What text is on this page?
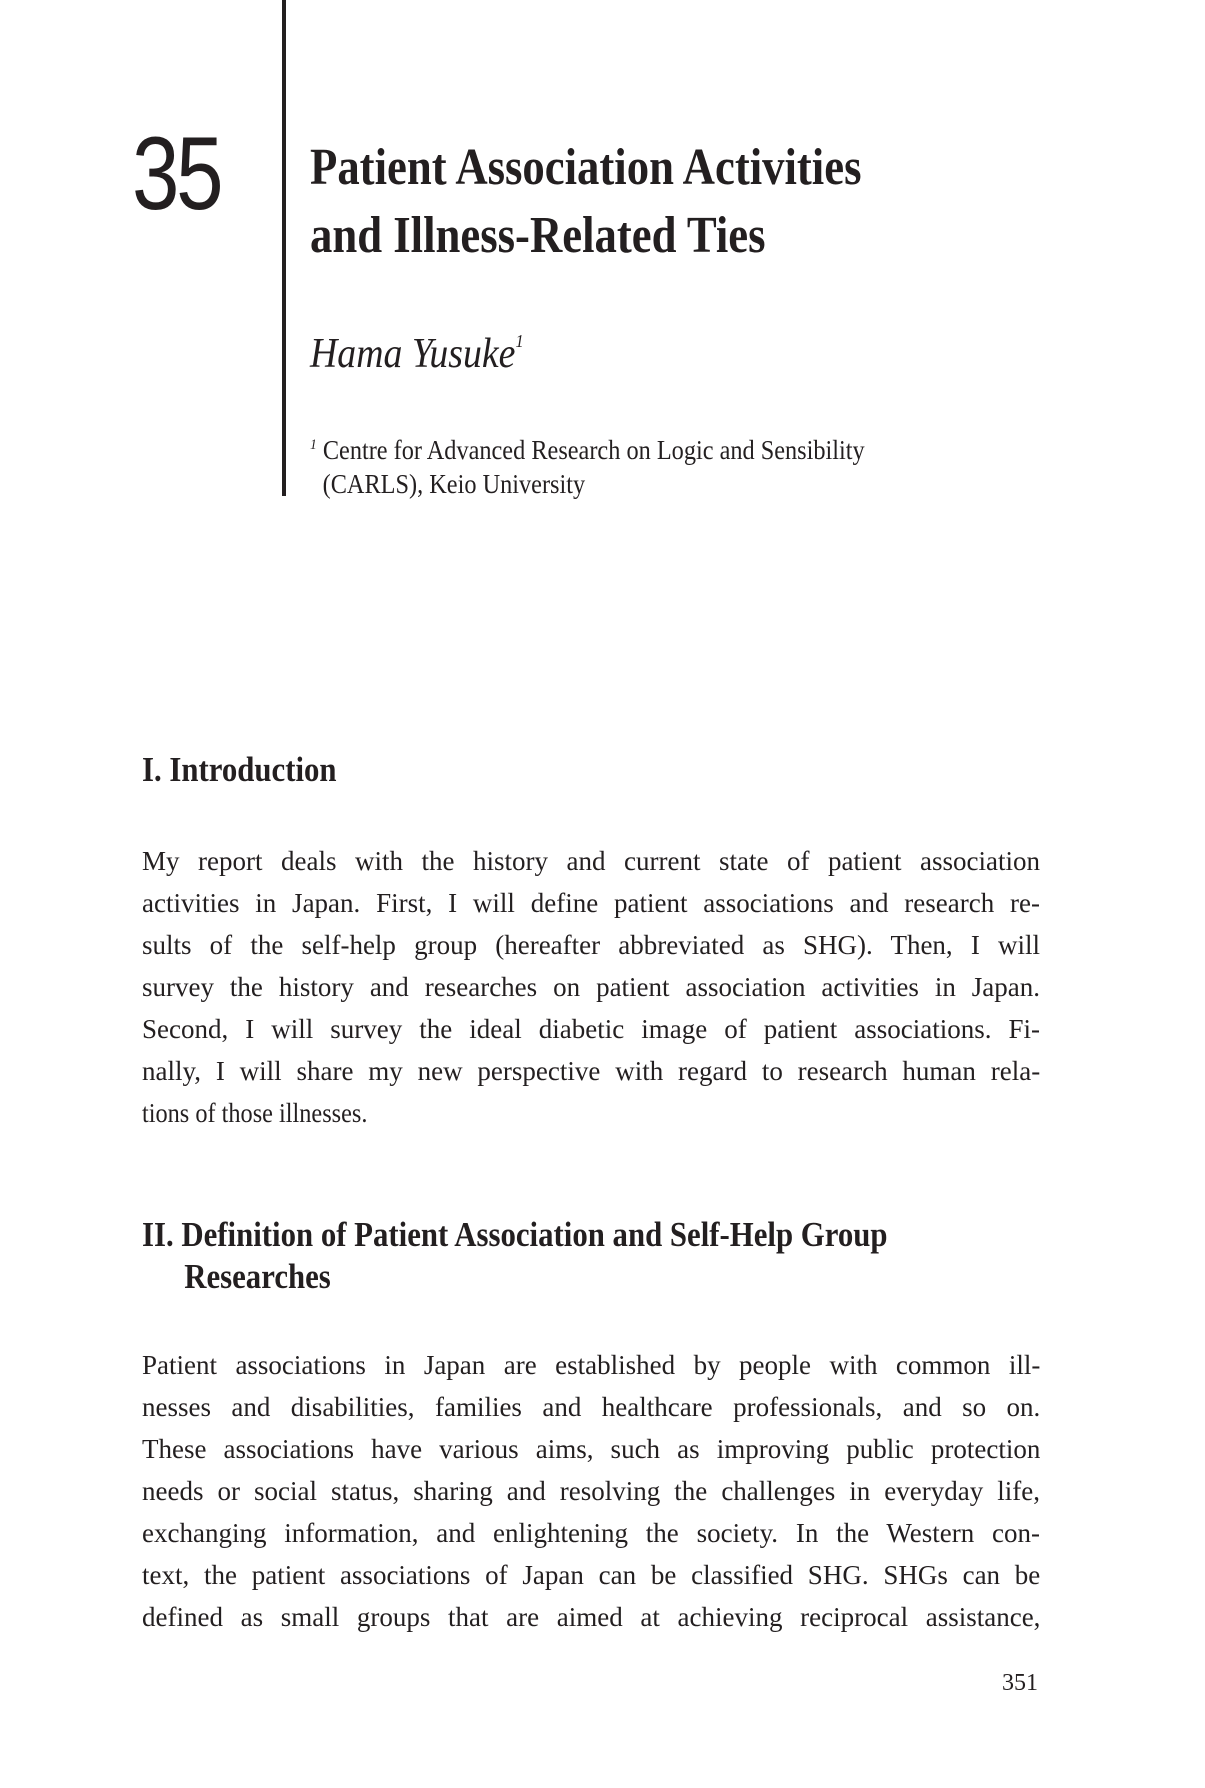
35 Patient Association Activities
and Illness-Related Ties
Hama Yusuke$^1$
$^1$ Centre for Advanced Research on Logic and Sensibility
(CARLS), Keio University
I. Introduction
My report deals with the history and current state of patient association
activities in Japan. First, I will define patient associations and research re-
sults of the self-help group (hereafter abbreviated as SHG). Then, I will
survey the history and researches on patient association activities in Japan.
Second, I will survey the ideal diabetic image of patient associations. Fi-
nally, I will share my new perspective with regard to research human rela-
tions of those illnesses.
II. Definition of Patient Association and Self-Help Group
Researches
Patient associations in Japan are established by people with common ill-
nesses and disabilities, families and healthcare professionals, and so on.
These associations have various aims, such as improving public protection
needs or social status, sharing and resolving the challenges in everyday life,
exchanging information, and enlightening the society. In the Western con-
text, the patient associations of Japan can be classified SHG. SHGs can be
defined as small groups that are aimed at achieving reciprocal assistance,
351
